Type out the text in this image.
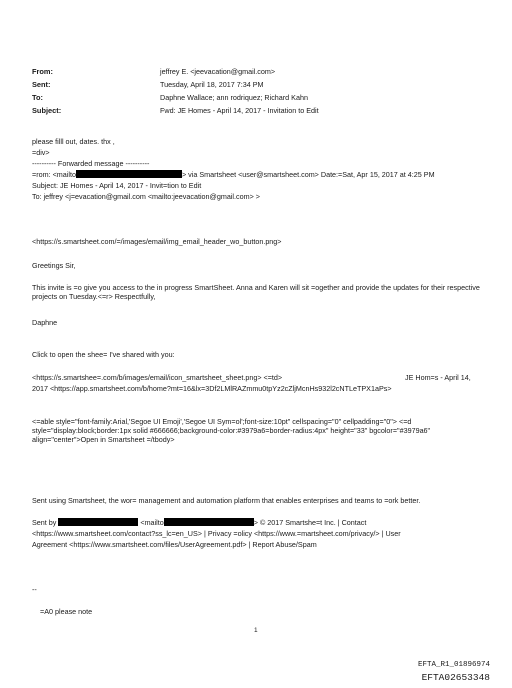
From:	jeffrey E. <jeevacation@gmail.com>
Sent:	Tuesday, April 18, 2017 7:34 PM
To:	Daphne Wallace; ann rodriquez; Richard Kahn
Subject:	Fwd: JE Homes - April 14, 2017 - Invitation to Edit
please filll out, dates. thx ,
=div>
---------- Forwarded message ----------
=rom: <mailto	> via Smartsheet <user@smartsheet.com> Date:=Sat, Apr 15, 2017 at 4:25 PM
Subject: JE Homes - April 14, 2017 - Invit=tion to Edit
To: jeffrey <j=evacation@gmail.com <mailto:jeevacation@gmail.com> >
<https://s.smartsheet.com/=/images/email/img_email_header_wo_button.png>
Greetings Sir,
This invite is =o give you access to the in progress SmartSheet. Anna and Karen will sit =ogether and provide the updates for their respective projects on Tuesday.<=r> Respectfully,
Daphne
Click to open the shee= I've shared with you:
<https://s.smartshee=.com/b/images/email/icon_smartsheet_sheet.png> <=td>	JE Hom=s - April 14,
2017 <https://app.smartsheet.com/b/home?mt=16&lx=3Df2LMlRAZmmu0tpYz2cZljMcnHs932l2cNTLeTPX1aPs>
<=able style="font-family:Arial,'Segoe UI Emoji','Segoe UI Sym=ol';font-size:10pt" cellspacing="0" cellpadding="0"> <=d style="display:block;border:1px solid #666666;background-color:#3979a6=border-radius:4px" height="33" bgcolor="#3979a6" align="center">Open in Smartsheet =/tbody>
Sent using Smartsheet, the wor= management and automation platform that enables enterprises and teams to =ork better.
Sent by	<mailto	> © 2017 Smartshe=t Inc. | Contact
<https://www.smartsheet.com/contact?ss_lc=en_US> | Privacy =olicy <https://www.=martsheet.com/privacy/> | User
Agreement <https://www.smartsheet.com/files/UserAgreement.pdf> | Report Abuse/Spam
--
=A0 please note
1
EFTA_R1_01896974
EFTA02653348
